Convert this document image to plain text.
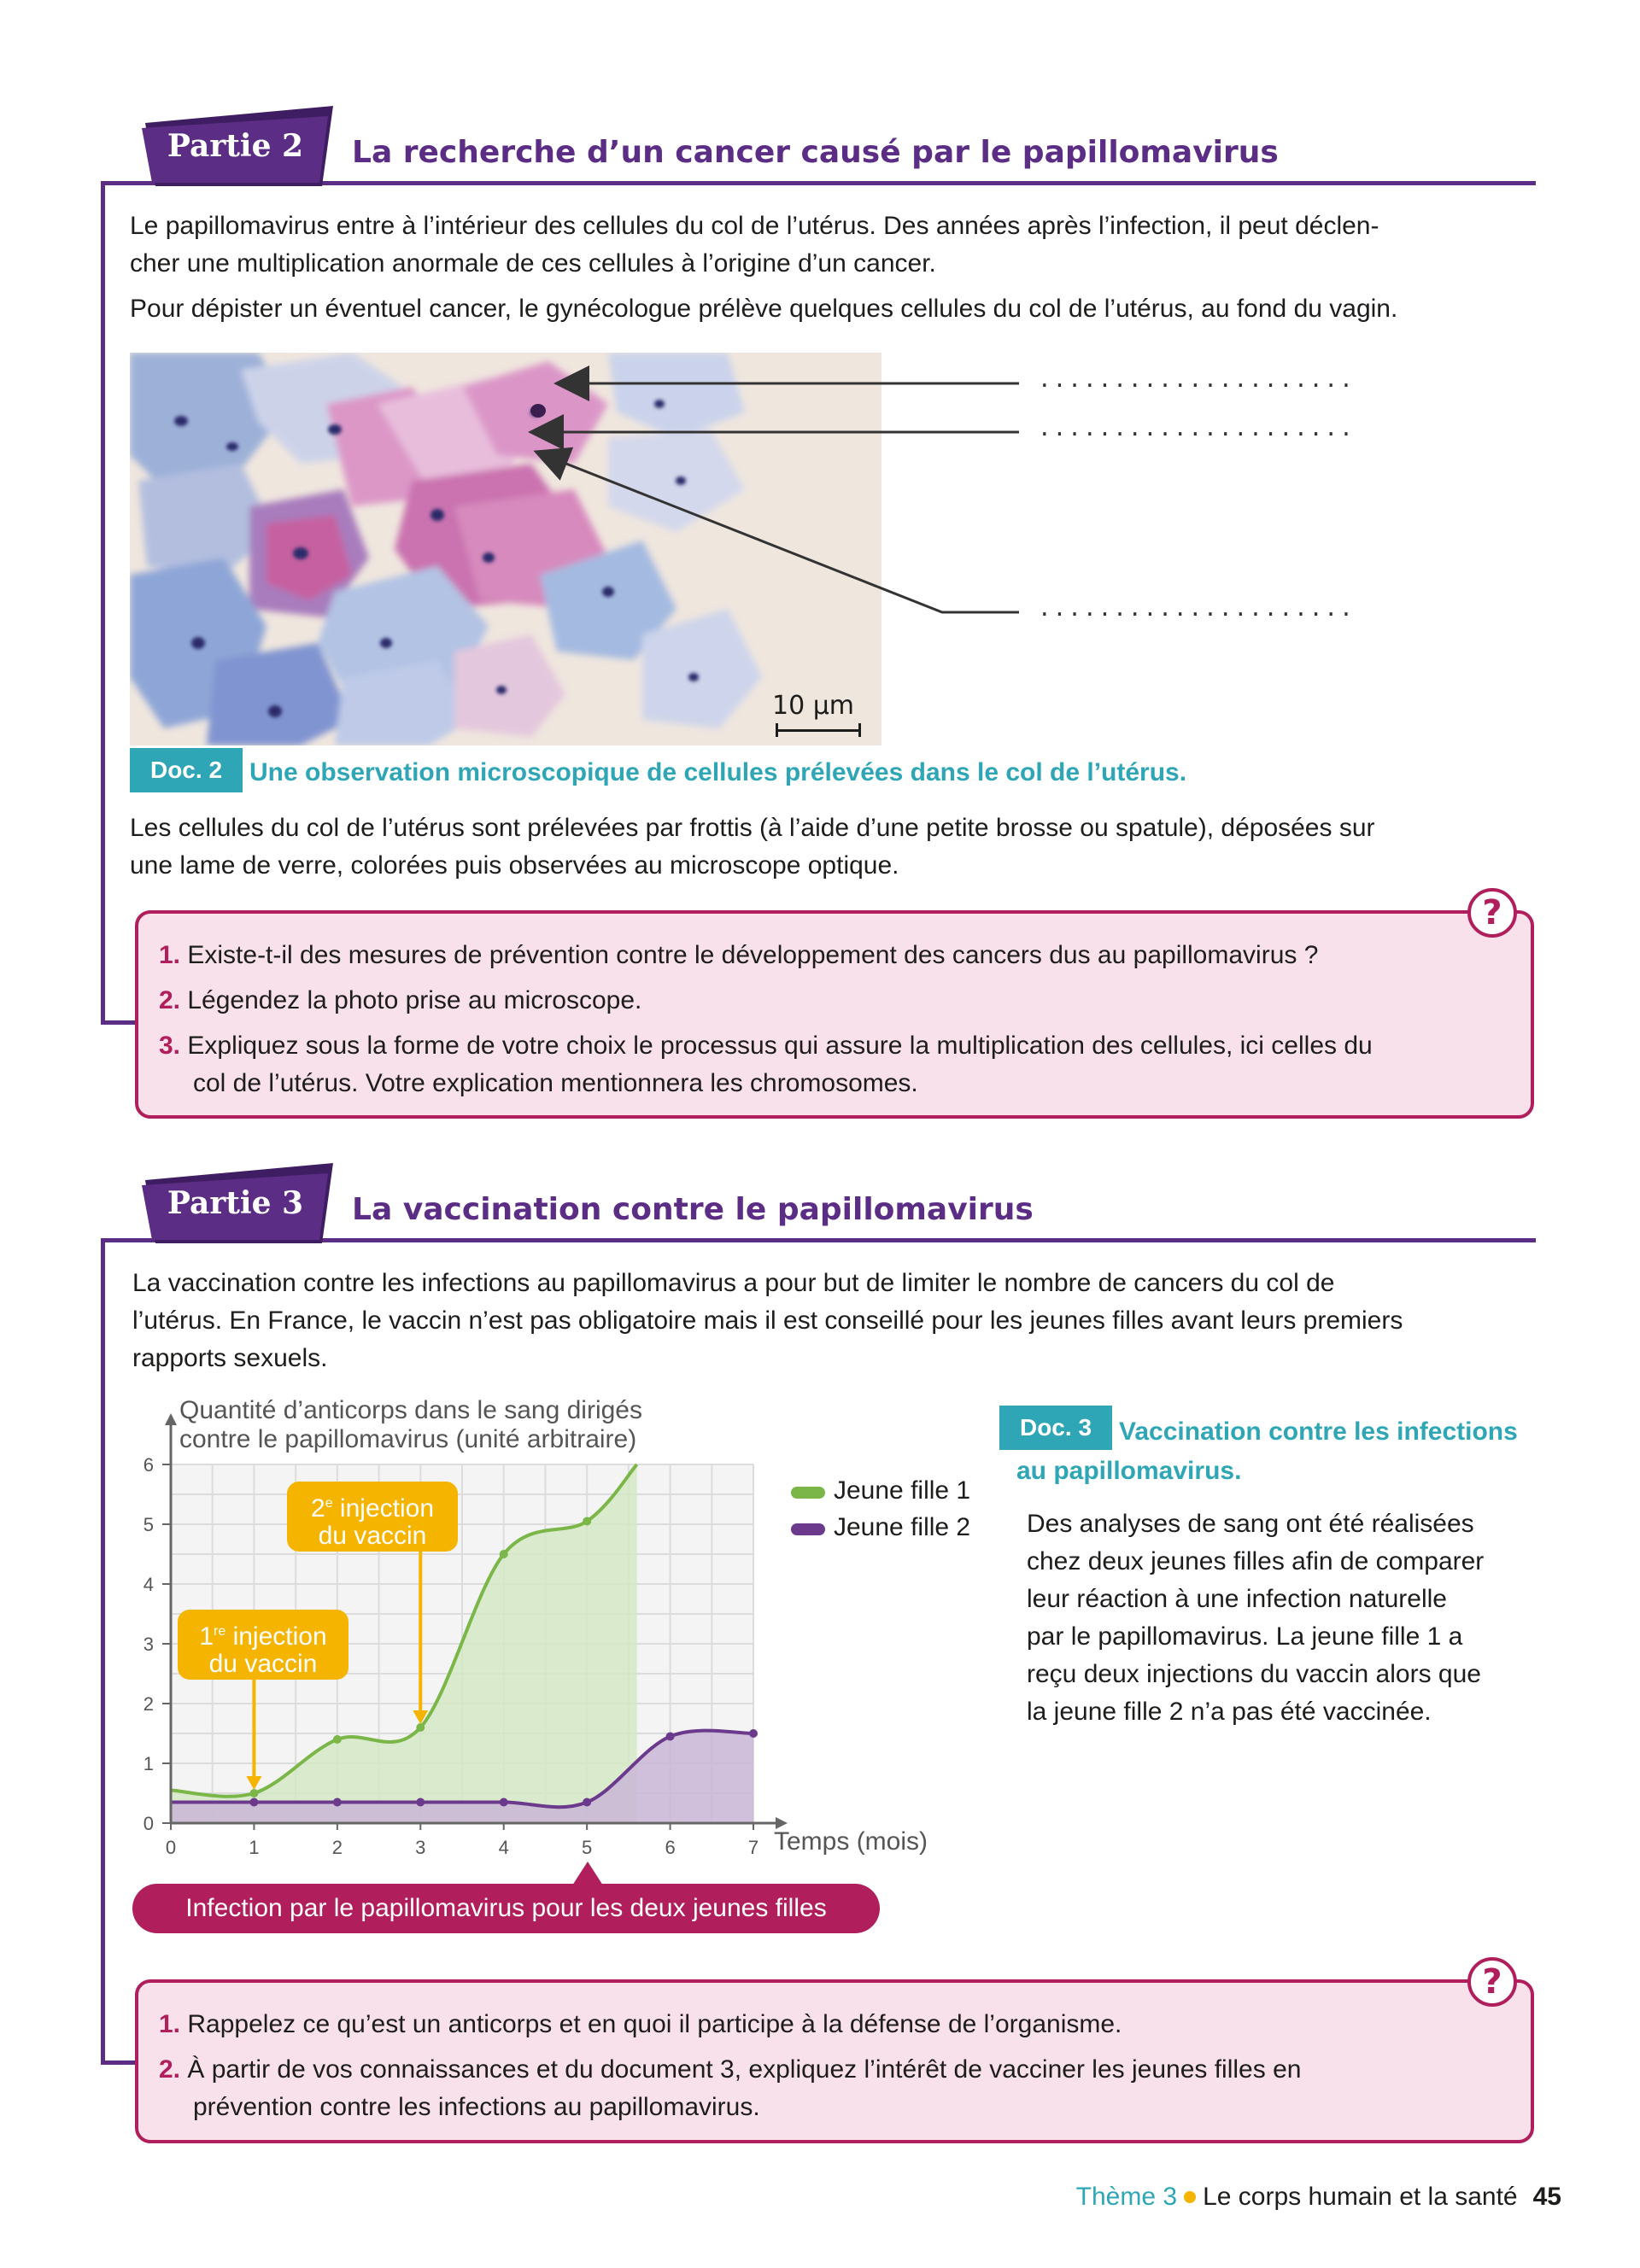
Partie 2	La recherche d’un cancer causé par le papillomavirus
Le papillomavirus entre à l’intérieur des cellules du col de l’utérus. Des années après l’infection, il peut déclen-
cher une multiplication anormale de ces cellules à l’origine d’un cancer.
Pour dépister un éventuel cancer, le gynécologue prélève quelques cellules du col de l’utérus, au fond du vagin.
10 µm
.....................
.....................
.....................
Doc. 2	Une observation microscopique de cellules prélevées dans le col de l’utérus.
Les cellules du col de l’utérus sont prélevées par frottis (à l’aide d’une petite brosse ou spatule), déposées sur
une lame de verre, colorées puis observées au microscope optique.
?
1. Existe-t-il des mesures de prévention contre le développement des cancers dus au papillomavirus ?
2. Légendez la photo prise au microscope.
3. Expliquez sous la forme de votre choix le processus qui assure la multiplication des cellules, ici celles du
col de l’utérus. Votre explication mentionnera les chromosomes.
Partie 3	La vaccination contre le papillomavirus
La vaccination contre les infections au papillomavirus a pour but de limiter le nombre de cancers du col de
l’utérus. En France, le vaccin n’est pas obligatoire mais il est conseillé pour les jeunes filles avant leurs premiers
rapports sexuels.
0	1	2	3	4	5	6	7
0
1
2
3
4
5
6
Quantité d’anticorps dans le sang dirigés
contre le papillomavirus (unité arbitraire)
Temps (mois)
Jeune fille 1
Jeune fille 2
1re injection
du vaccin
2e injection
du vaccin
Infection par le papillomavirus pour les deux jeunes filles
Doc. 3	Vaccination contre les infections
au papillomavirus.
Des analyses de sang ont été réalisées
chez deux jeunes filles afin de comparer
leur réaction à une infection naturelle
par le papillomavirus. La jeune fille 1 a
reçu deux injections du vaccin alors que
la jeune fille 2 n’a pas été vaccinée.
?
1. Rappelez ce qu’est un anticorps et en quoi il participe à la défense de l’organisme.
2. À partir de vos connaissances et du document 3, expliquez l’intérêt de vacciner les jeunes filles en
prévention contre les infections au papillomavirus.
Thème 3 Le corps humain et la santé 45
